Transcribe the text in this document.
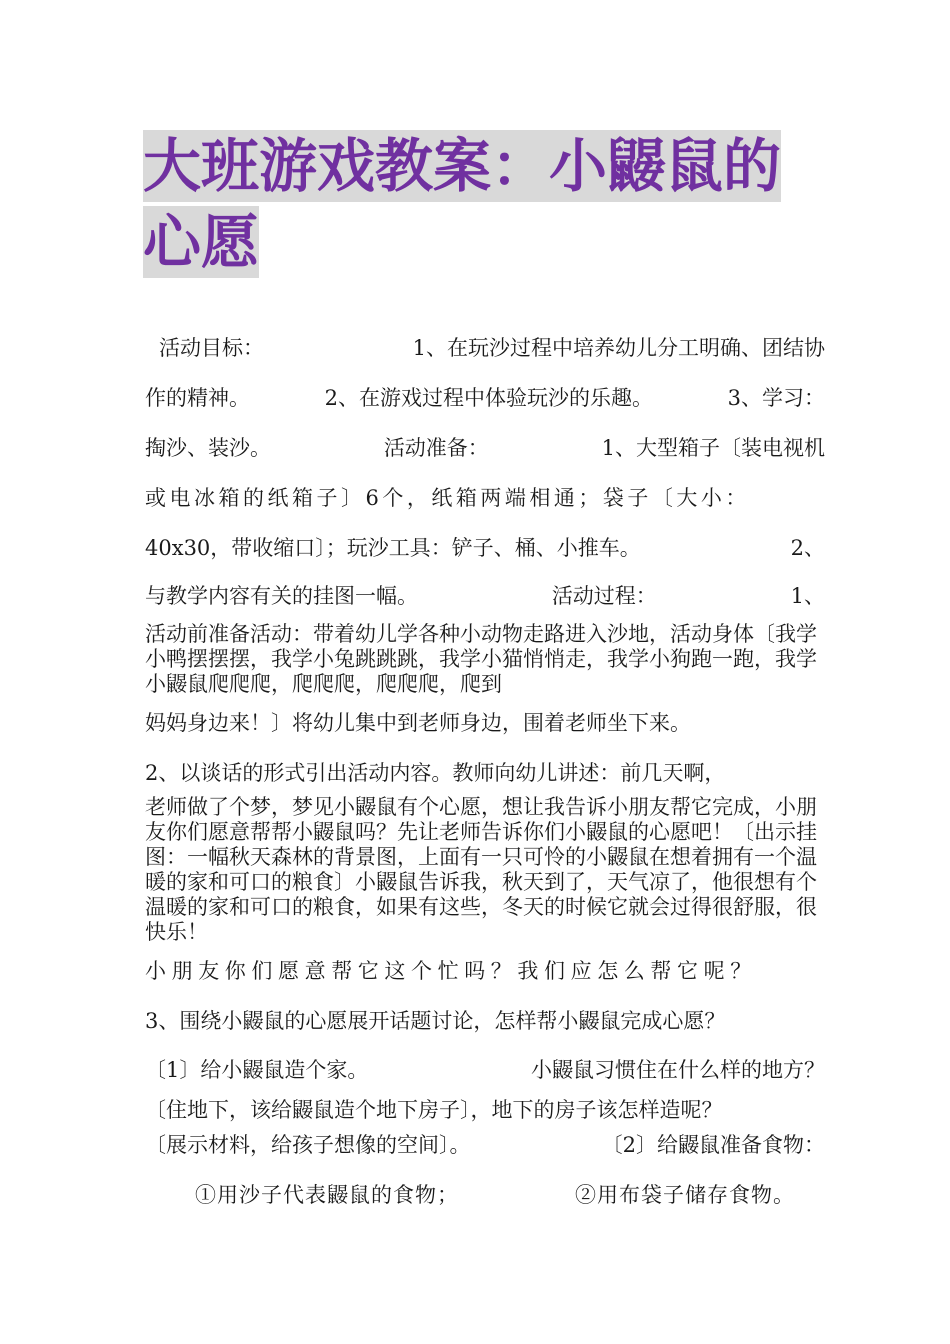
大班游戏教案：小鼹鼠的
心愿
活动目标：	1、在玩沙过程中培养幼儿分工明确、团结协
作的精神。	2、在游戏过程中体验玩沙的乐趣。	3、学习：
掏沙、装沙。	活动准备：	1、大型箱子〔装电视机
或电冰箱的纸箱子〕6个，纸箱两端相通；袋子〔大小：
40x30，带收缩口〕；玩沙工具：铲子、桶、小推车。	2、
与教学内容有关的挂图一幅。	活动过程：	1、

活动前准备活动：带着幼儿学各种小动物走路进入沙地，活动身体〔我学小鸭摆摆摆，我学小兔跳跳跳，我学小猫悄悄走，我学小狗跑一跑，我学小鼹鼠爬爬爬，爬爬爬，爬爬爬，爬到

妈妈身边来！〕将幼儿集中到老师身边，围着老师坐下来。
2、以谈话的形式引出活动内容。教师向幼儿讲述：前几天啊，

老师做了个梦，梦见小鼹鼠有个心愿，想让我告诉小朋友帮它完成，小朋友你们愿意帮帮小鼹鼠吗？先让老师告诉你们小鼹鼠的心愿吧！〔出示挂图：一幅秋天森林的背景图，上面有一只可怜的小鼹鼠在想着拥有一个温暖的家和可口的粮食〕小鼹鼠告诉我，秋天到了，天气凉了，他很想有个温暖的家和可口的粮食，如果有这些，冬天的时候它就会过得很舒服，很快乐！

小朋友你们愿意帮它这个忙吗？我们应怎么帮它呢？
3、围绕小鼹鼠的心愿展开话题讨论，怎样帮小鼹鼠完成心愿？
〔1〕给小鼹鼠造个家。	小鼹鼠习惯住在什么样的地方？
〔住地下，该给鼹鼠造个地下房子〕，地下的房子该怎样造呢？
〔展示材料，给孩子想像的空间〕。	〔2〕给鼹鼠准备食物：
①用沙子代表鼹鼠的食物；	②用布袋子储存食物。
